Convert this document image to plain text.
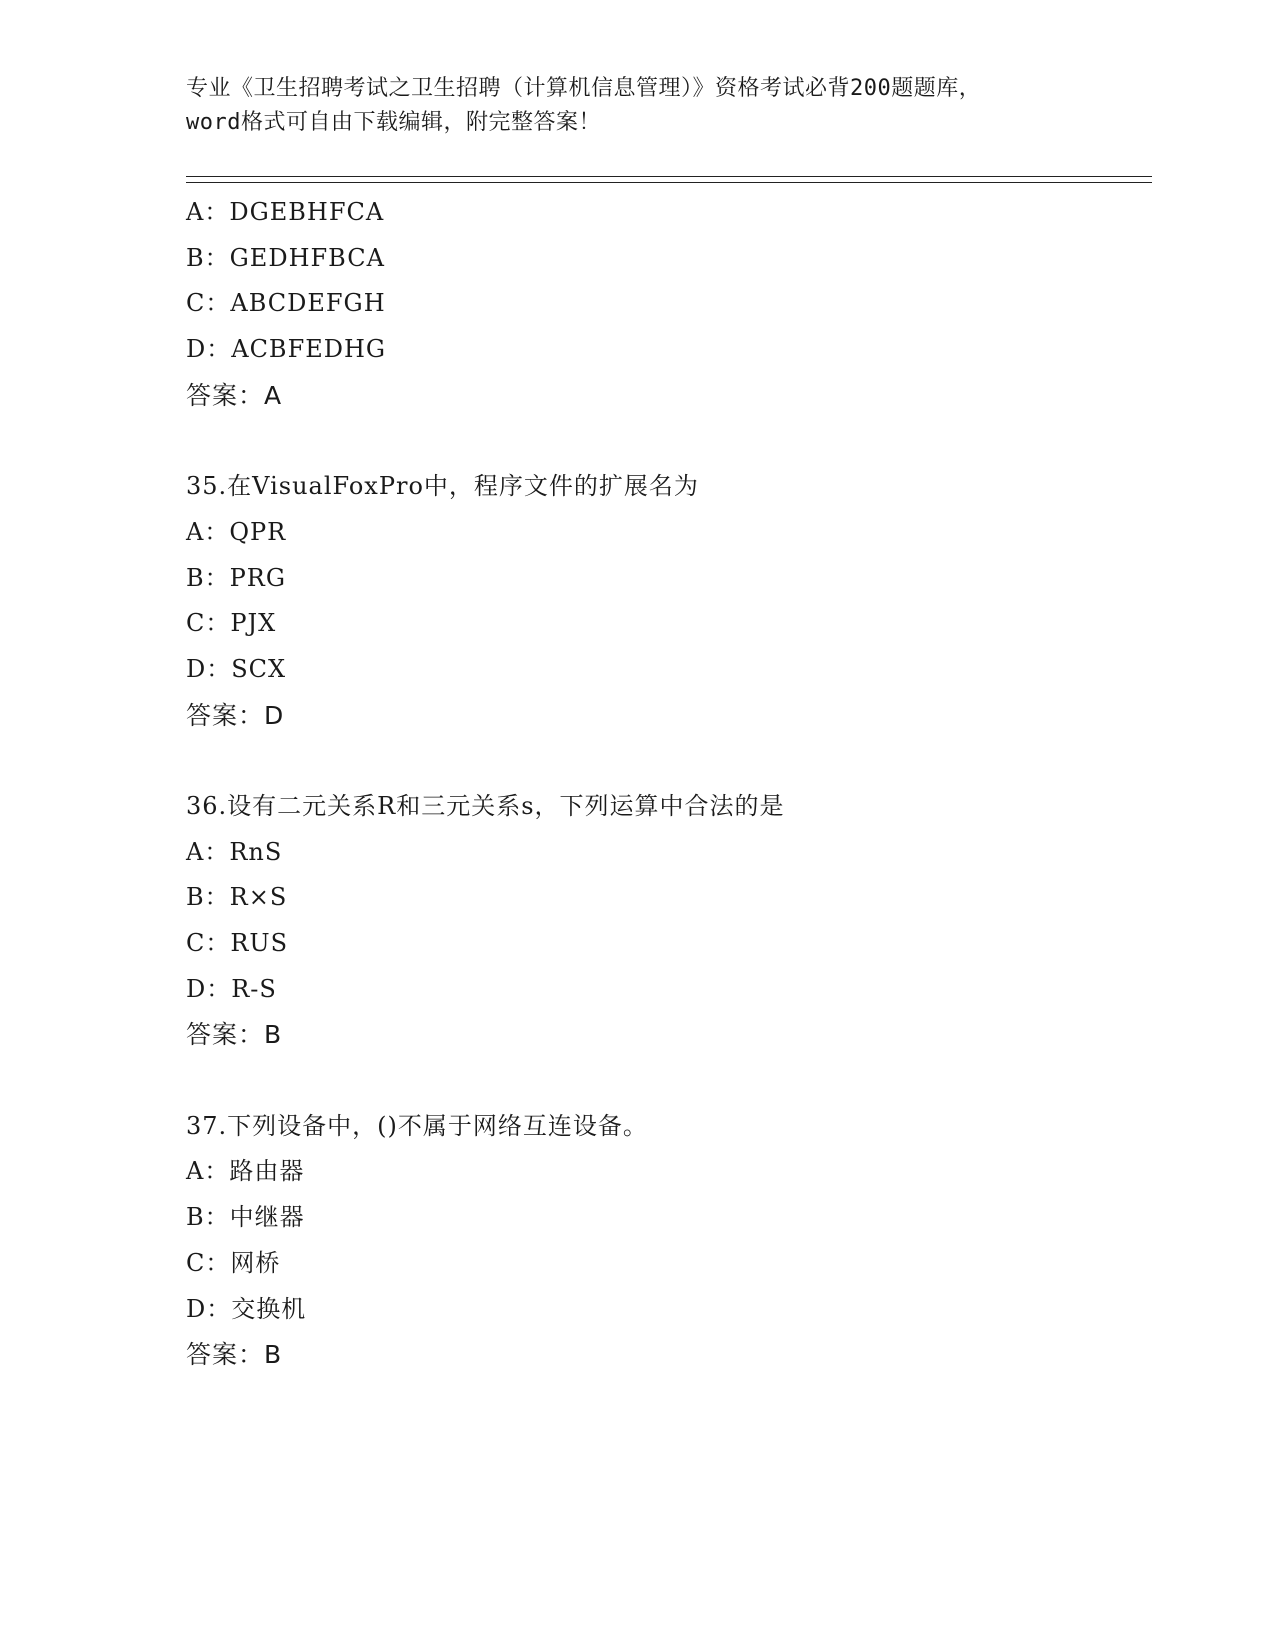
专业《卫生招聘考试之卫生招聘（计算机信息管理）》资格考试必背200题题库，
word格式可自由下载编辑，附完整答案！
A：DGEBHFCA
B：GEDHFBCA
C：ABCDEFGH
D：ACBFEDHG
答案：A
35.在VisualFoxPro中，程序文件的扩展名为
A：QPR
B：PRG
C：PJX
D：SCX
答案：D
36.设有二元关系R和三元关系s，下列运算中合法的是
A：RnS
B：R×S
C：RUS
D：R-S
答案：B
37.下列设备中，()不属于网络互连设备。
A：路由器
B：中继器
C：网桥
D：交换机
答案：B
